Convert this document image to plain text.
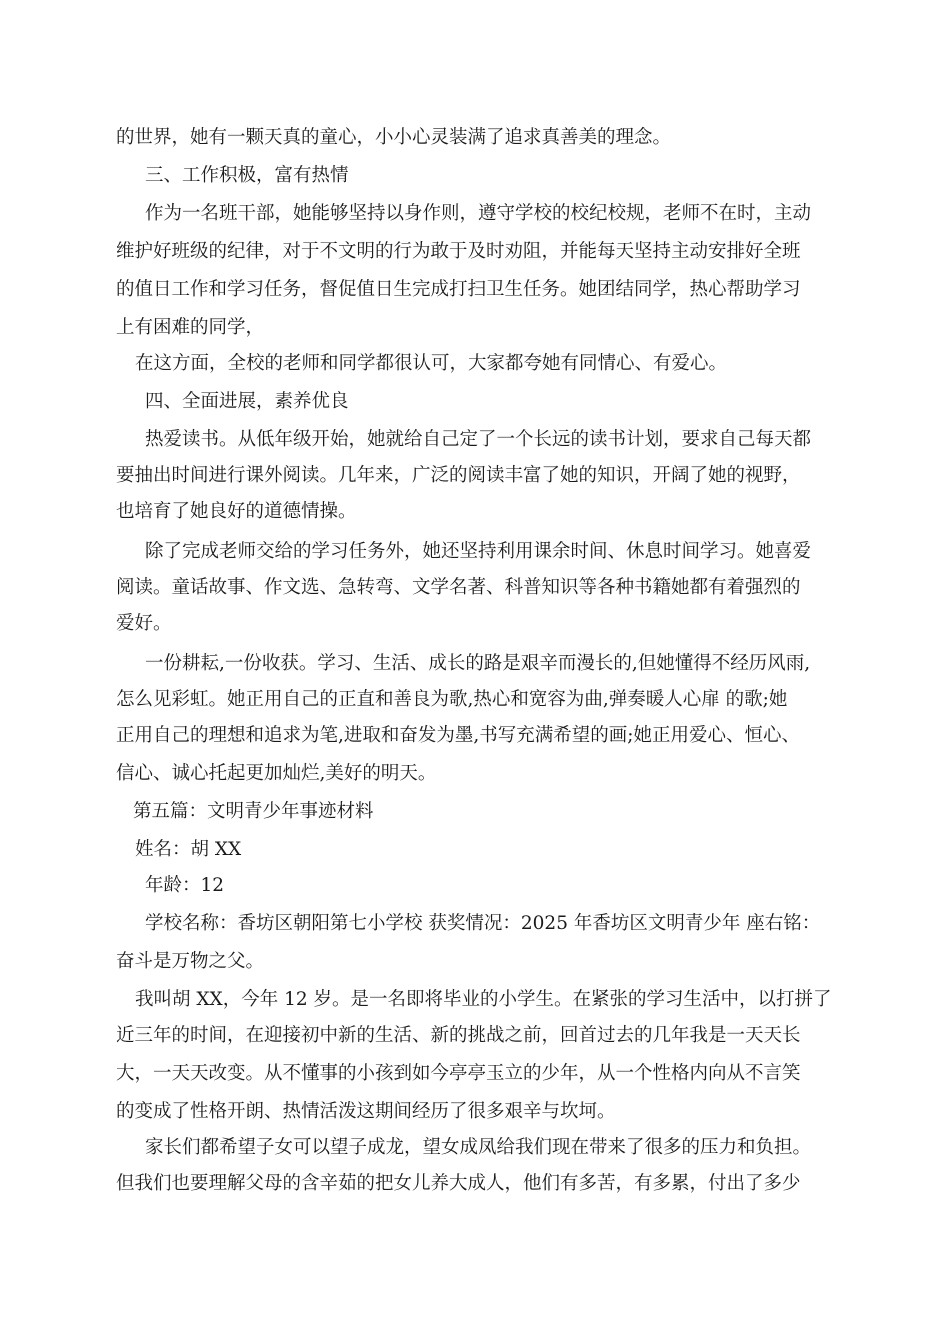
的世界，她有一颗天真的童心，小小心灵装满了追求真善美的理念。

三、工作积极，富有热情

作为一名班干部，她能够坚持以身作则，遵守学校的校纪校规，老师不在时，主动

维护好班级的纪律，对于不文明的行为敢于及时劝阻，并能每天坚持主动安排好全班

的值日工作和学习任务，督促值日生完成打扫卫生任务。她团结同学，热心帮助学习

上有困难的同学，

在这方面，全校的老师和同学都很认可，大家都夸她有同情心、有爱心。

四、全面进展，素养优良

热爱读书。从低年级开始，她就给自己定了一个长远的读书计划，要求自己每天都

要抽出时间进行课外阅读。几年来，广泛的阅读丰富了她的知识，开阔了她的视野，

也培育了她良好的道德情操。

除了完成老师交给的学习任务外，她还坚持利用课余时间、休息时间学习。她喜爱

阅读。童话故事、作文选、急转弯、文学名著、科普知识等各种书籍她都有着强烈的

爱好。

一份耕耘,一份收获。学习、生活、成长的路是艰辛而漫长的,但她懂得不经历风雨,

怎么见彩虹。她正用自己的正直和善良为歌,热心和宽容为曲,弹奏暖人心扉 的歌;她

正用自己的理想和追求为笔,进取和奋发为墨,书写充满希望的画;她正用爱心、恒心、

信心、诚心托起更加灿烂,美好的明天。

第五篇：文明青少年事迹材料

姓名：胡 XX

年龄：12

学校名称：香坊区朝阳第七小学校 获奖情况：2025 年香坊区文明青少年 座右铭：

奋斗是万物之父。

我叫胡 XX，今年 12 岁。是一名即将毕业的小学生。在紧张的学习生活中，以打拼了

近三年的时间，在迎接初中新的生活、新的挑战之前，回首过去的几年我是一天天长

大，一天天改变。从不懂事的小孩到如今亭亭玉立的少年，从一个性格内向从不言笑

的变成了性格开朗、热情活泼这期间经历了很多艰辛与坎坷。

家长们都希望子女可以望子成龙，望女成凤给我们现在带来了很多的压力和负担。

但我们也要理解父母的含辛茹的把女儿养大成人，他们有多苦，有多累，付出了多少
